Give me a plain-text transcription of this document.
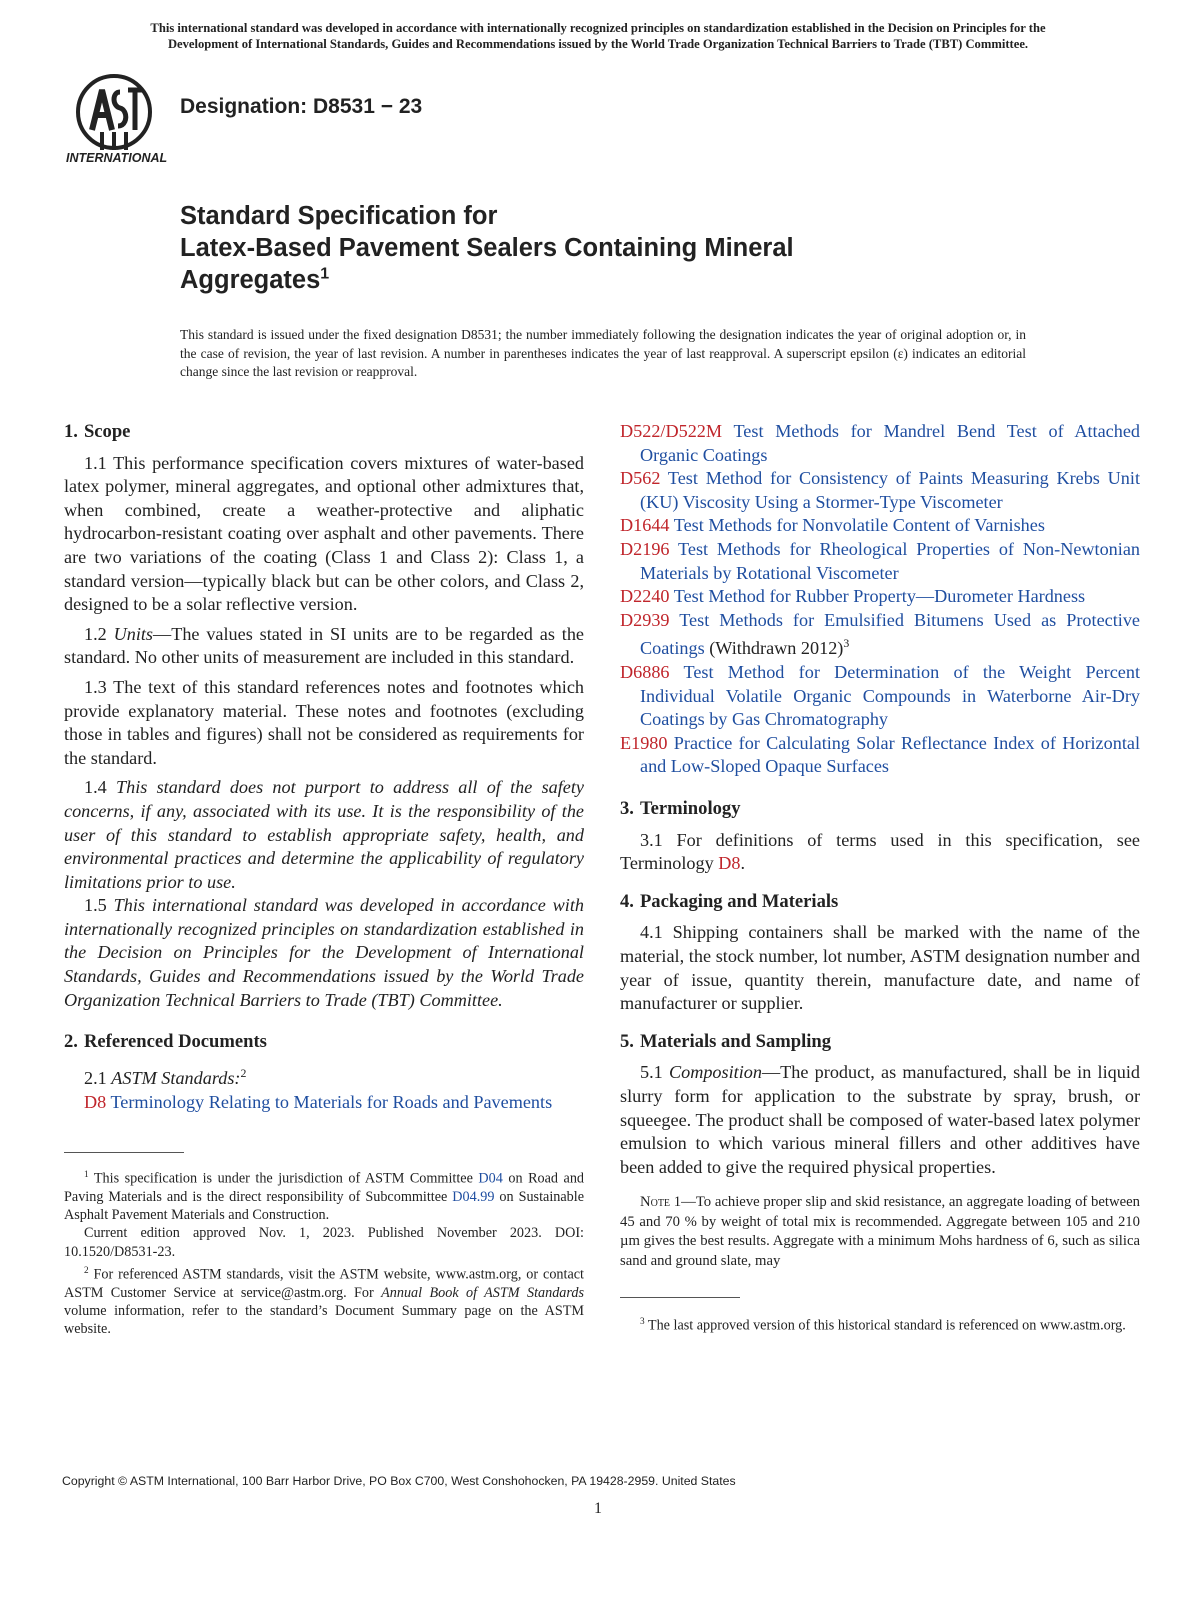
This international standard was developed in accordance with internationally recognized principles on standardization established in the Decision on Principles for the
Development of International Standards, Guides and Recommendations issued by the World Trade Organization Technical Barriers to Trade (TBT) Committee.
INTERNATIONAL
Designation: D8531 − 23
Standard Specification for
Latex-Based Pavement Sealers Containing Mineral
Aggregates$^1$
This standard is issued under the fixed designation D8531; the number immediately following the designation indicates the year of original adoption or, in the case of revision, the year of last revision. A number in parentheses indicates the year of last reapproval. A superscript epsilon (ε) indicates an editorial change since the last revision or reapproval.
1. Scope

1.1 This performance specification covers mixtures of water-based latex polymer, mineral aggregates, and optional other admixtures that, when combined, create a weather-protective and aliphatic hydrocarbon-resistant coating over asphalt and other pavements. There are two variations of the coating (Class 1 and Class 2): Class 1, a standard version—typically black but can be other colors, and Class 2, designed to be a solar reflective version.

1.2 Units—The values stated in SI units are to be regarded as the standard. No other units of measurement are included in this standard.

1.3 The text of this standard references notes and footnotes which provide explanatory material. These notes and footnotes (excluding those in tables and figures) shall not be considered as requirements for the standard.

1.4 This standard does not purport to address all of the safety concerns, if any, associated with its use. It is the responsibility of the user of this standard to establish appropriate safety, health, and environmental practices and determine the applicability of regulatory limitations prior to use.

1.5 This international standard was developed in accordance with internationally recognized principles on standardization established in the Decision on Principles for the Development of International Standards, Guides and Recommendations issued by the World Trade Organization Technical Barriers to Trade (TBT) Committee.

2. Referenced Documents

2.1 ASTM Standards:$^2$

D8 Terminology Relating to Materials for Roads and Pavements

$^1$ This specification is under the jurisdiction of ASTM Committee D04 on Road and Paving Materials and is the direct responsibility of Subcommittee D04.99 on Sustainable Asphalt Pavement Materials and Construction.

Current edition approved Nov. 1, 2023. Published November 2023. DOI: 10.1520/D8531-23.

$^2$ For referenced ASTM standards, visit the ASTM website, www.astm.org, or contact ASTM Customer Service at service@astm.org. For Annual Book of ASTM Standards volume information, refer to the standard’s Document Summary page on the ASTM website.

D522/D522M Test Methods for Mandrel Bend Test of Attached Organic Coatings

D562 Test Method for Consistency of Paints Measuring Krebs Unit (KU) Viscosity Using a Stormer-Type Viscometer

D1644 Test Methods for Nonvolatile Content of Varnishes

D2196 Test Methods for Rheological Properties of Non-Newtonian Materials by Rotational Viscometer

D2240 Test Method for Rubber Property—Durometer Hardness

D2939 Test Methods for Emulsified Bitumens Used as Protective Coatings (Withdrawn 2012)$^3$

D6886 Test Method for Determination of the Weight Percent Individual Volatile Organic Compounds in Waterborne Air-Dry Coatings by Gas Chromatography

E1980 Practice for Calculating Solar Reflectance Index of Horizontal and Low-Sloped Opaque Surfaces

3. Terminology

3.1 For definitions of terms used in this specification, see Terminology D8.

4. Packaging and Materials

4.1 Shipping containers shall be marked with the name of the material, the stock number, lot number, ASTM designation number and year of issue, quantity therein, manufacture date, and name of manufacturer or supplier.

5. Materials and Sampling

5.1 Composition—The product, as manufactured, shall be in liquid slurry form for application to the substrate by spray, brush, or squeegee. The product shall be composed of water-based latex polymer emulsion to which various mineral fillers and other additives have been added to give the required physical properties.

Note 1—To achieve proper slip and skid resistance, an aggregate loading of between 45 and 70 % by weight of total mix is recommended. Aggregate between 105 and 210 µm gives the best results. Aggregate with a minimum Mohs hardness of 6, such as silica sand and ground slate, may

$^3$ The last approved version of this historical standard is referenced on www.astm.org.

Copyright © ASTM International, 100 Barr Harbor Drive, PO Box C700, West Conshohocken, PA 19428-2959. United States
1
